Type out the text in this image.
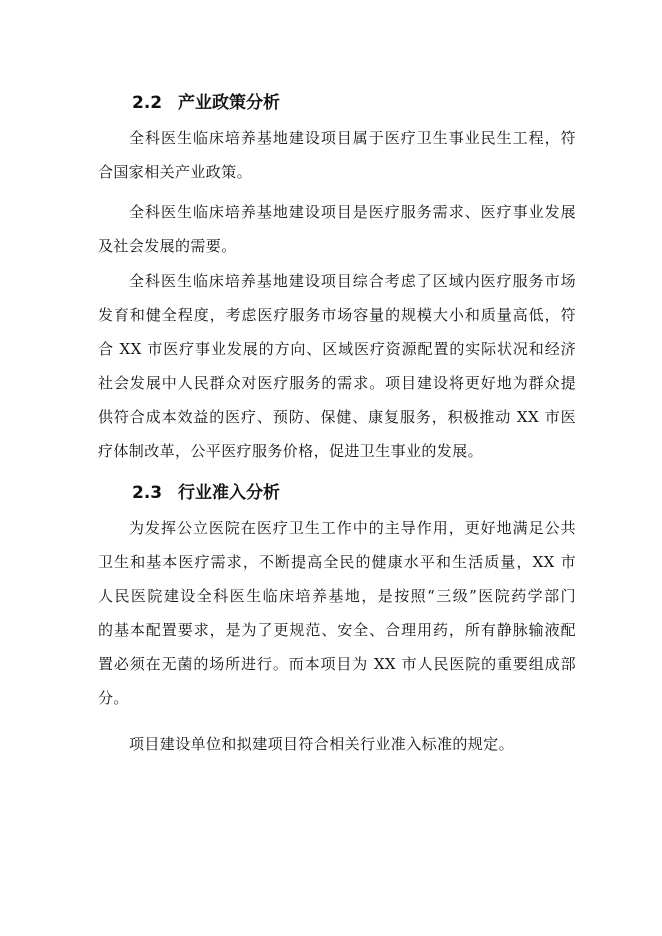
2.2 产业政策分析
全科医生临床培养基地建设项目属于医疗卫生事业民生工程，符
合国家相关产业政策。
全科医生临床培养基地建设项目是医疗服务需求、医疗事业发展
及社会发展的需要。
全科医生临床培养基地建设项目综合考虑了区域内医疗服务市场
发育和健全程度，考虑医疗服务市场容量的规模大小和质量高低，符
合 XX 市医疗事业发展的方向、区域医疗资源配置的实际状况和经济
社会发展中人民群众对医疗服务的需求。项目建设将更好地为群众提
供符合成本效益的医疗、预防、保健、康复服务，积极推动 XX 市医
疗体制改革，公平医疗服务价格，促进卫生事业的发展。
2.3 行业准入分析
为发挥公立医院在医疗卫生工作中的主导作用，更好地满足公共
卫生和基本医疗需求，不断提高全民的健康水平和生活质量，XX 市
人民医院建设全科医生临床培养基地，是按照“三级”医院药学部门
的基本配置要求，是为了更规范、安全、合理用药，所有静脉输液配
置必须在无菌的场所进行。而本项目为 XX 市人民医院的重要组成部
分。
项目建设单位和拟建项目符合相关行业准入标准的规定。
